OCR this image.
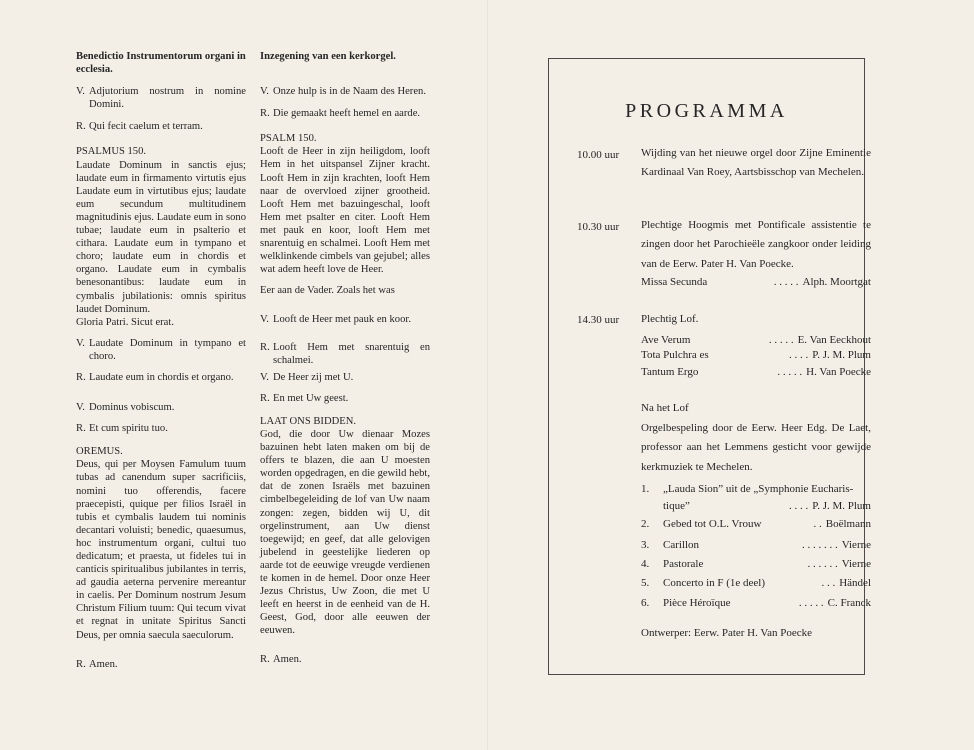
Benedictio Instrumentorum organi in ecclesia.

V. Adjutorium nostrum in nomine Domini.
R. Qui fecit caelum et terram.

PSALMUS 150.

Laudate Dominum in sanctis ejus; laudate eum in firmamento virtutis ejus Laudate eum in virtutibus ejus; laudate eum secundum multitudinem magnitudinis ejus. Laudate eum in sono tubae; laudate eum in psalterio et cithara. Laudate eum in tympano et choro; laudate eum in chordis et organo. Laudate eum in cymbalis benesonantibus: laudate eum in cymbalis jubilationis: omnis spiritus laudet Dominum.

Gloria Patri. Sicut erat.

V. Laudate Dominum in tympano et choro.
R. Laudate eum in chordis et organo.
V. Dominus vobiscum.
R. Et cum spiritu tuo.

OREMUS.

Deus, qui per Moysen Famulum tuum tubas ad canendum super sacrificiis, nomini tuo offerendis, facere praecepisti, quique per filios Israël in tubis et cymbalis laudem tui nominis decantari voluisti; benedic, quaesumus, hoc instrumentum organi, cultui tuo dedicatum; et praesta, ut fideles tui in canticis spiritualibus jubilantes in terris, ad gaudia aeterna pervenire mereantur in caelis. Per Dominum nostrum Jesum Christum Filium tuum: Qui tecum vivat et regnat in unitate Spiritus Sancti Deus, per omnia saecula saeculorum.

R. Amen.

Inzegening van een kerkorgel.

V. Onze hulp is in de Naam des Heren.
R. Die gemaakt heeft hemel en aarde.

PSALM 150.

Looft de Heer in zijn heiligdom, looft Hem in het uitspansel Zijner kracht. Looft Hem in zijn krachten, looft Hem naar de overvloed zijner grootheid. Looft Hem met bazuingeschal, looft Hem met psalter en citer. Looft Hem met pauk en koor, looft Hem met snarentuig en schalmei. Looft Hem met welklinkende cimbels van gejubel; alles wat adem heeft love de Heer.

Eer aan de Vader. Zoals het was

V. Looft de Heer met pauk en koor.
R. Looft Hem met snarentuig en schalmei.
V. De Heer zij met U.
R. En met Uw geest.

LAAT ONS BIDDEN.

God, die door Uw dienaar Mozes bazuinen hebt laten maken om bij de offers te blazen, die aan U moesten worden opgedragen, en die gewild hebt, dat de zonen Israëls met bazuinen cimbelbegeleiding de lof van Uw naam zongen: zegen, bidden wij U, dit orgelinstrument, aan Uw dienst toegewijd; en geef, dat alle gelovigen jubelend in geestelijke liederen op aarde tot de eeuwige vreugde verdienen te komen in de hemel. Door onze Heer Jezus Christus, Uw Zoon, die met U leeft en heerst in de eenheid van de H. Geest, God, door alle eeuwen der eeuwen.

R. Amen.
PROGRAMMA
10.00 uur Wijding van het nieuwe orgel door Zijne Eminentie Kardinaal Van Roey, Aartsbisschop van Mechelen.

10.30 uur Plechtige Hoogmis met Pontificale assistentie te zingen door het Parochieële zangkoor onder leiding van de Eerw. Pater H. Van Poecke.

Missa Secunda	. . . . . Alph. Moortgat
14.30 uur Plechtig Lof.
Ave Verum	. . . . . E. Van Eeckhout
Tota Pulchra es	. . . . P. J. M. Plum
Tantum Ergo	. . . . . H. Van Poecke
Na het Lof

Orgelbespeling door de Eerw. Heer Edg. De Laet, professor aan het Lemmens gesticht voor gewijde kerkmuziek te Mechelen.

1.	„Lauda Sion” uit de „Symphonie Eucharis-
tique”	. . . . P. J. M. Plum
2.	Gebed tot O.L. Vrouw	. . Boëlmann
3.	Carillon	. . . . . . . Vierne
4.	Pastorale	. . . . . . Vierne
5.	Concerto in F (1e deel)	. . . Händel
6.	Pièce Héroïque	. . . . . C. Franck
Ontwerper: Eerw. Pater H. Van Poecke
